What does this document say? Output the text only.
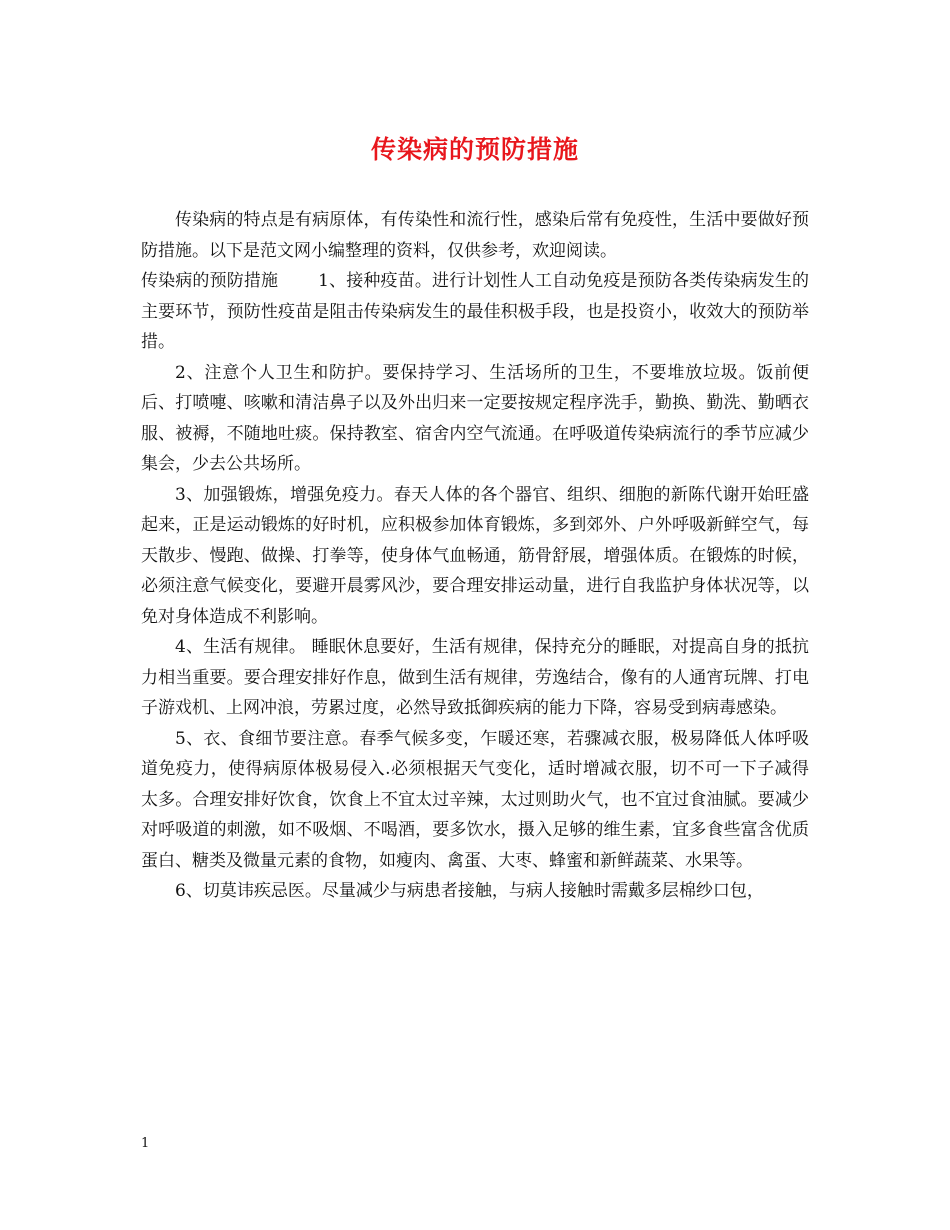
传染病的预防措施

传染病的特点是有病原体，有传染性和流行性，感染后常有免疫性，生活中要做好预防措施。以下是范文网小编整理的资料，仅供参考，欢迎阅读。

传染病的预防措施 1、接种疫苗。进行计划性人工自动免疫是预防各类传染病发生的主要环节，预防性疫苗是阻击传染病发生的最佳积极手段，也是投资小，收效大的预防举措。

2、注意个人卫生和防护。要保持学习、生活场所的卫生，不要堆放垃圾。饭前便后、打喷嚏、咳嗽和清洁鼻子以及外出归来一定要按规定程序洗手，勤换、勤洗、勤晒衣服、被褥，不随地吐痰。保持教室、宿舍内空气流通。在呼吸道传染病流行的季节应减少集会，少去公共场所。

3、加强锻炼，增强免疫力。春天人体的各个器官、组织、细胞的新陈代谢开始旺盛起来，正是运动锻炼的好时机，应积极参加体育锻炼，多到郊外、户外呼吸新鲜空气，每天散步、慢跑、做操、打拳等，使身体气血畅通，筋骨舒展，增强体质。在锻炼的时候，必须注意气候变化，要避开晨雾风沙，要合理安排运动量，进行自我监护身体状况等，以免对身体造成不利影响。

4、生活有规律。 睡眠休息要好，生活有规律，保持充分的睡眠，对提高自身的抵抗力相当重要。要合理安排好作息，做到生活有规律，劳逸结合，像有的人通宵玩牌、打电子游戏机、上网冲浪，劳累过度，必然导致抵御疾病的能力下降，容易受到病毒感染。

5、衣、食细节要注意。春季气候多变，乍暖还寒，若骤减衣服，极易降低人体呼吸道免疫力，使得病原体极易侵入.必须根据天气变化，适时增减衣服，切不可一下子减得太多。合理安排好饮食，饮食上不宜太过辛辣，太过则助火气，也不宜过食油腻。要减少对呼吸道的刺激，如不吸烟、不喝酒，要多饮水，摄入足够的维生素，宜多食些富含优质蛋白、糖类及微量元素的食物，如瘦肉、禽蛋、大枣、蜂蜜和新鲜蔬菜、水果等。

6、切莫讳疾忌医。尽量减少与病患者接触，与病人接触时需戴多层棉纱口包，

1
